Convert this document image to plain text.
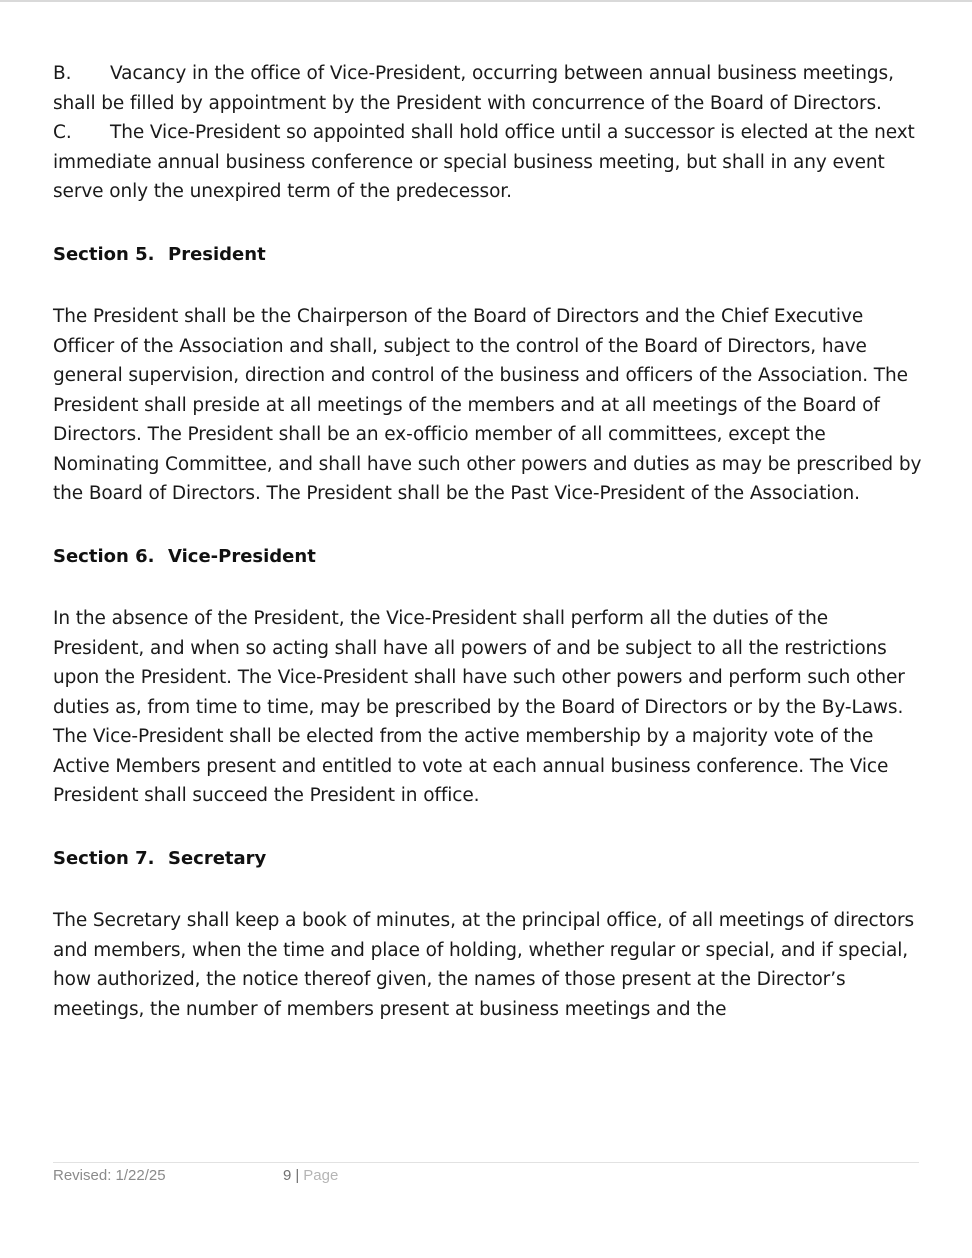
B. Vacancy in the office of Vice-President, occurring between annual business meetings, shall be filled by appointment by the President with concurrence of the Board of Directors.

C. The Vice-President so appointed shall hold office until a successor is elected at the next immediate annual business conference or special business meeting, but shall in any event serve only the unexpired term of the predecessor.

Section 5. President

The President shall be the Chairperson of the Board of Directors and the Chief Executive Officer of the Association and shall, subject to the control of the Board of Directors, have general supervision, direction and control of the business and officers of the Association. The President shall preside at all meetings of the members and at all meetings of the Board of Directors. The President shall be an ex-officio member of all committees, except the Nominating Committee, and shall have such other powers and duties as may be prescribed by the Board of Directors. The President shall be the Past Vice-President of the Association.

Section 6. Vice-President

In the absence of the President, the Vice-President shall perform all the duties of the President, and when so acting shall have all powers of and be subject to all the restrictions upon the President. The Vice-President shall have such other powers and perform such other duties as, from time to time, may be prescribed by the Board of Directors or by the By-Laws. The Vice-President shall be elected from the active membership by a majority vote of the Active Members present and entitled to vote at each annual business conference. The Vice President shall succeed the President in office.

Section 7. Secretary

The Secretary shall keep a book of minutes, at the principal office, of all meetings of directors and members, when the time and place of holding, whether regular or special, and if special, how authorized, the notice thereof given, the names of those present at the Director’s meetings, the number of members present at business meetings and the

Revised: 1/22/25	9 | Page
